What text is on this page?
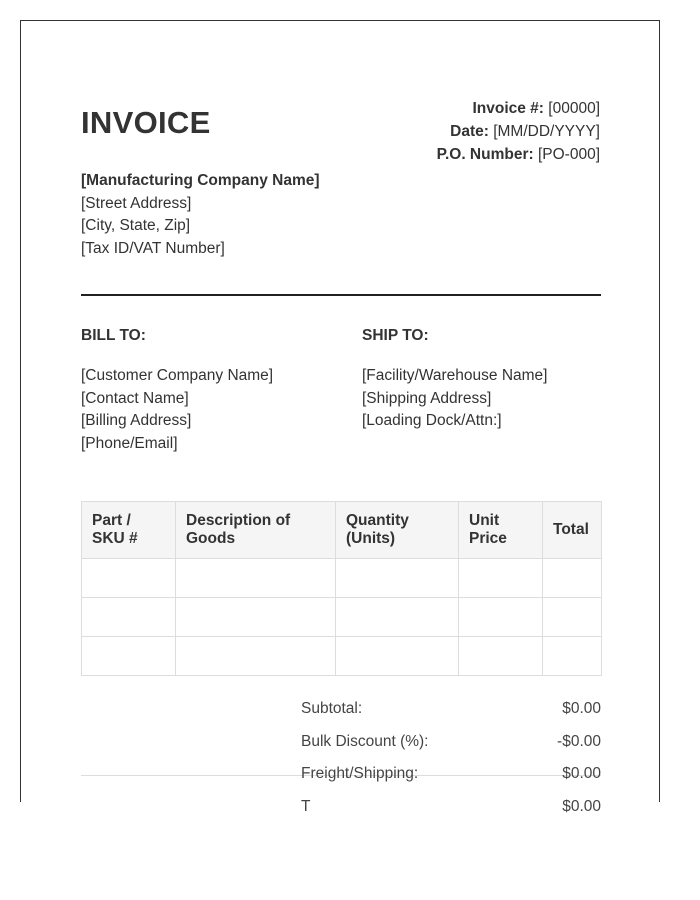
INVOICE	Invoice #: [00000]
Date: [MM/DD/YYYY]
P.O. Number: [PO-000]
[Manufacturing Company Name]
[Street Address]
[City, State, Zip]
[Tax ID/VAT Number]
BILL TO:
[Customer Company Name]
[Contact Name]
[Billing Address]
[Phone/Email]
SHIP TO:
[Facility/Warehouse Name]
[Shipping Address]
[Loading Dock/Attn:]
Part / SKU #	Description of Goods	Quantity (Units)	Unit Price	Total

Subtotal:	$0.00
Bulk Discount (%):	-$0.00
Freight/Shipping:	$0.00
T	$0.00
